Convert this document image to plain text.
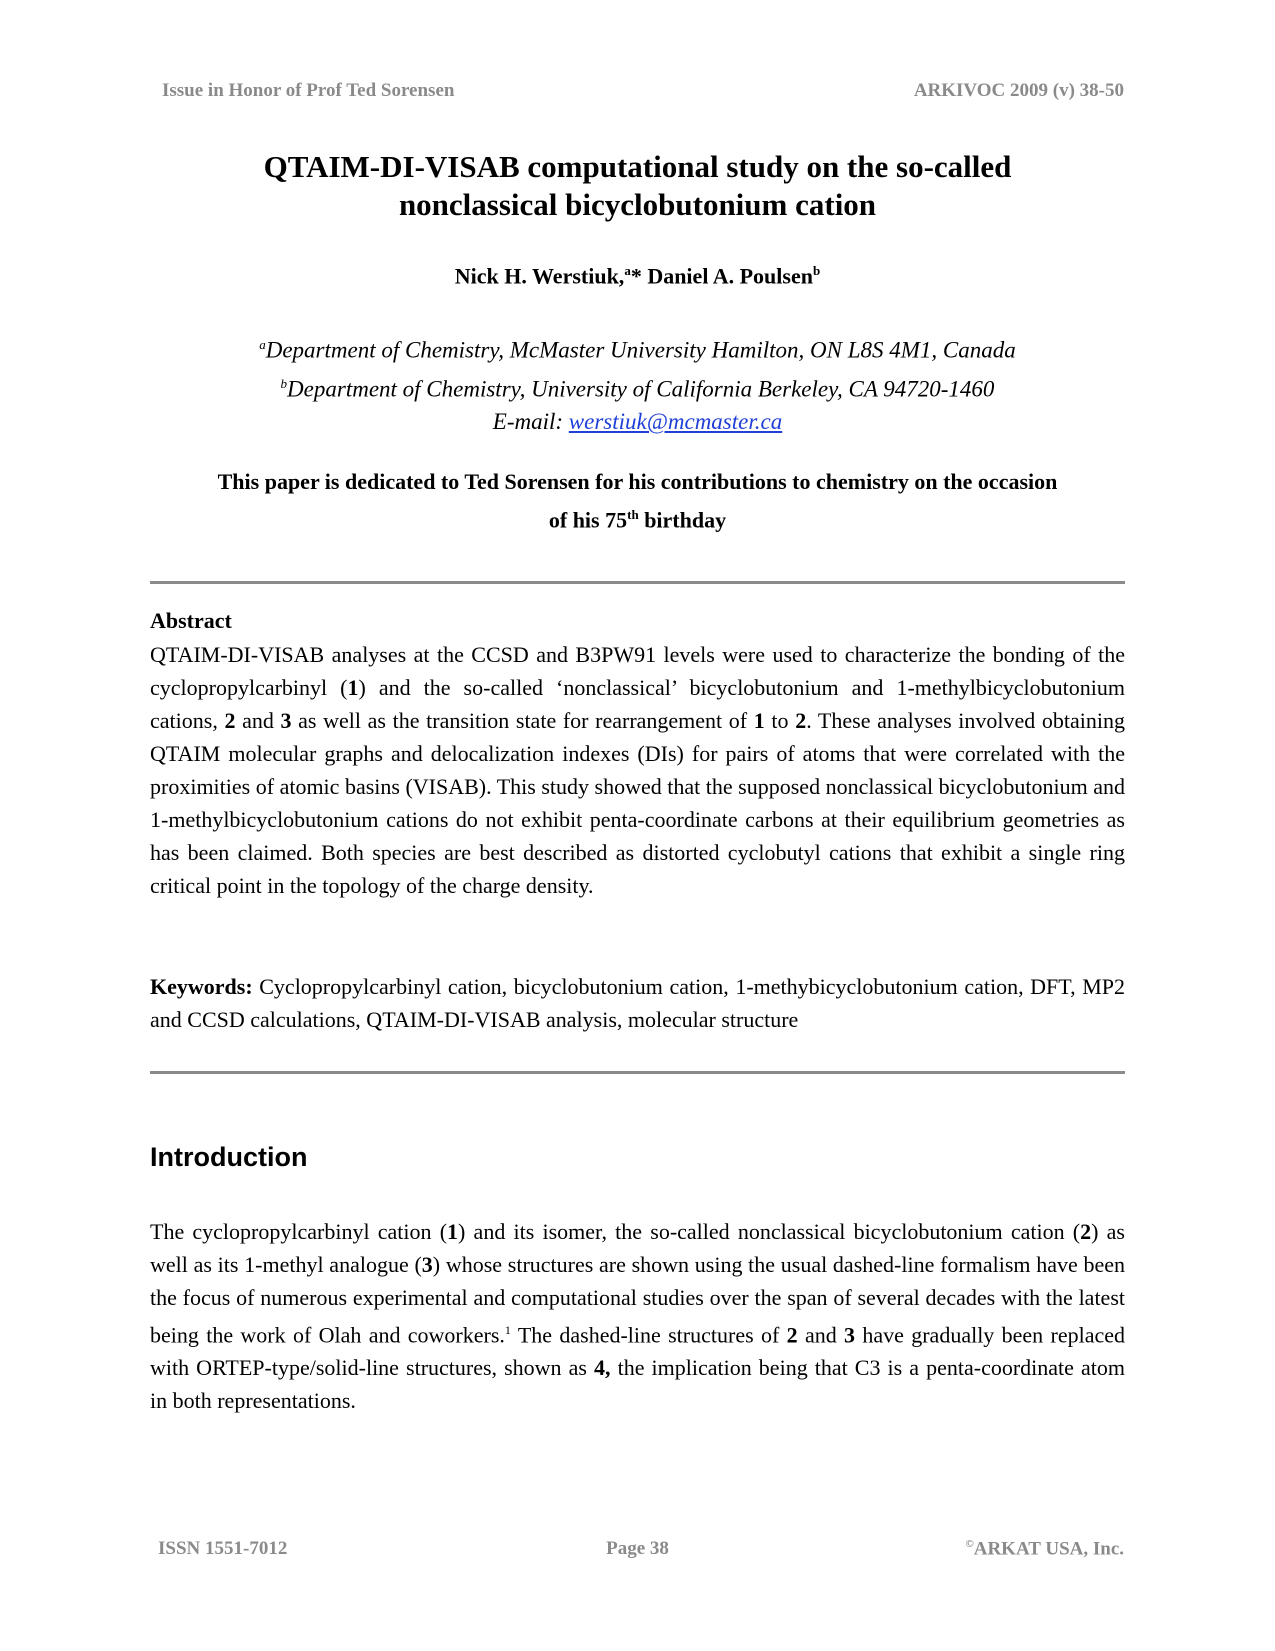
Issue in Honor of Prof Ted Sorensen	ARKIVOC 2009 (v) 38-50
QTAIM-DI-VISAB computational study on the so-called
nonclassical bicyclobutonium cation
Nick H. Werstiuk,$^a$* Daniel A. Poulsen$^b$
$^a$Department of Chemistry, McMaster University Hamilton, ON L8S 4M1, Canada
$^b$Department of Chemistry, University of California Berkeley, CA 94720-1460
E-mail: werstiuk@mcmaster.ca
This paper is dedicated to Ted Sorensen for his contributions to chemistry on the occasion
of his 75th birthday
Abstract
QTAIM-DI-VISAB analyses at the CCSD and B3PW91 levels were used to characterize the bonding of the cyclopropylcarbinyl (1) and the so-called ‘nonclassical’ bicyclobutonium and 1-methylbicyclobutonium cations, 2 and 3 as well as the transition state for rearrangement of 1 to 2. These analyses involved obtaining QTAIM molecular graphs and delocalization indexes (DIs) for pairs of atoms that were correlated with the proximities of atomic basins (VISAB). This study showed that the supposed nonclassical bicyclobutonium and 1-methylbicyclobutonium cations do not exhibit penta-coordinate carbons at their equilibrium geometries as has been claimed. Both species are best described as distorted cyclobutyl cations that exhibit a single ring critical point in the topology of the charge density.
Keywords: Cyclopropylcarbinyl cation, bicyclobutonium cation, 1-methybicyclobutonium cation, DFT, MP2 and CCSD calculations, QTAIM-DI-VISAB analysis, molecular structure
Introduction
The cyclopropylcarbinyl cation (1) and its isomer, the so-called nonclassical bicyclobutonium cation (2) as well as its 1-methyl analogue (3) whose structures are shown using the usual dashed-line formalism have been the focus of numerous experimental and computational studies over the span of several decades with the latest being the work of Olah and coworkers.$^1$ The dashed-line structures of 2 and 3 have gradually been replaced with ORTEP-type/solid-line structures, shown as 4, the implication being that C3 is a penta-coordinate atom in both representations.
ISSN 1551-7012	Page 38	©ARKAT USA, Inc.
